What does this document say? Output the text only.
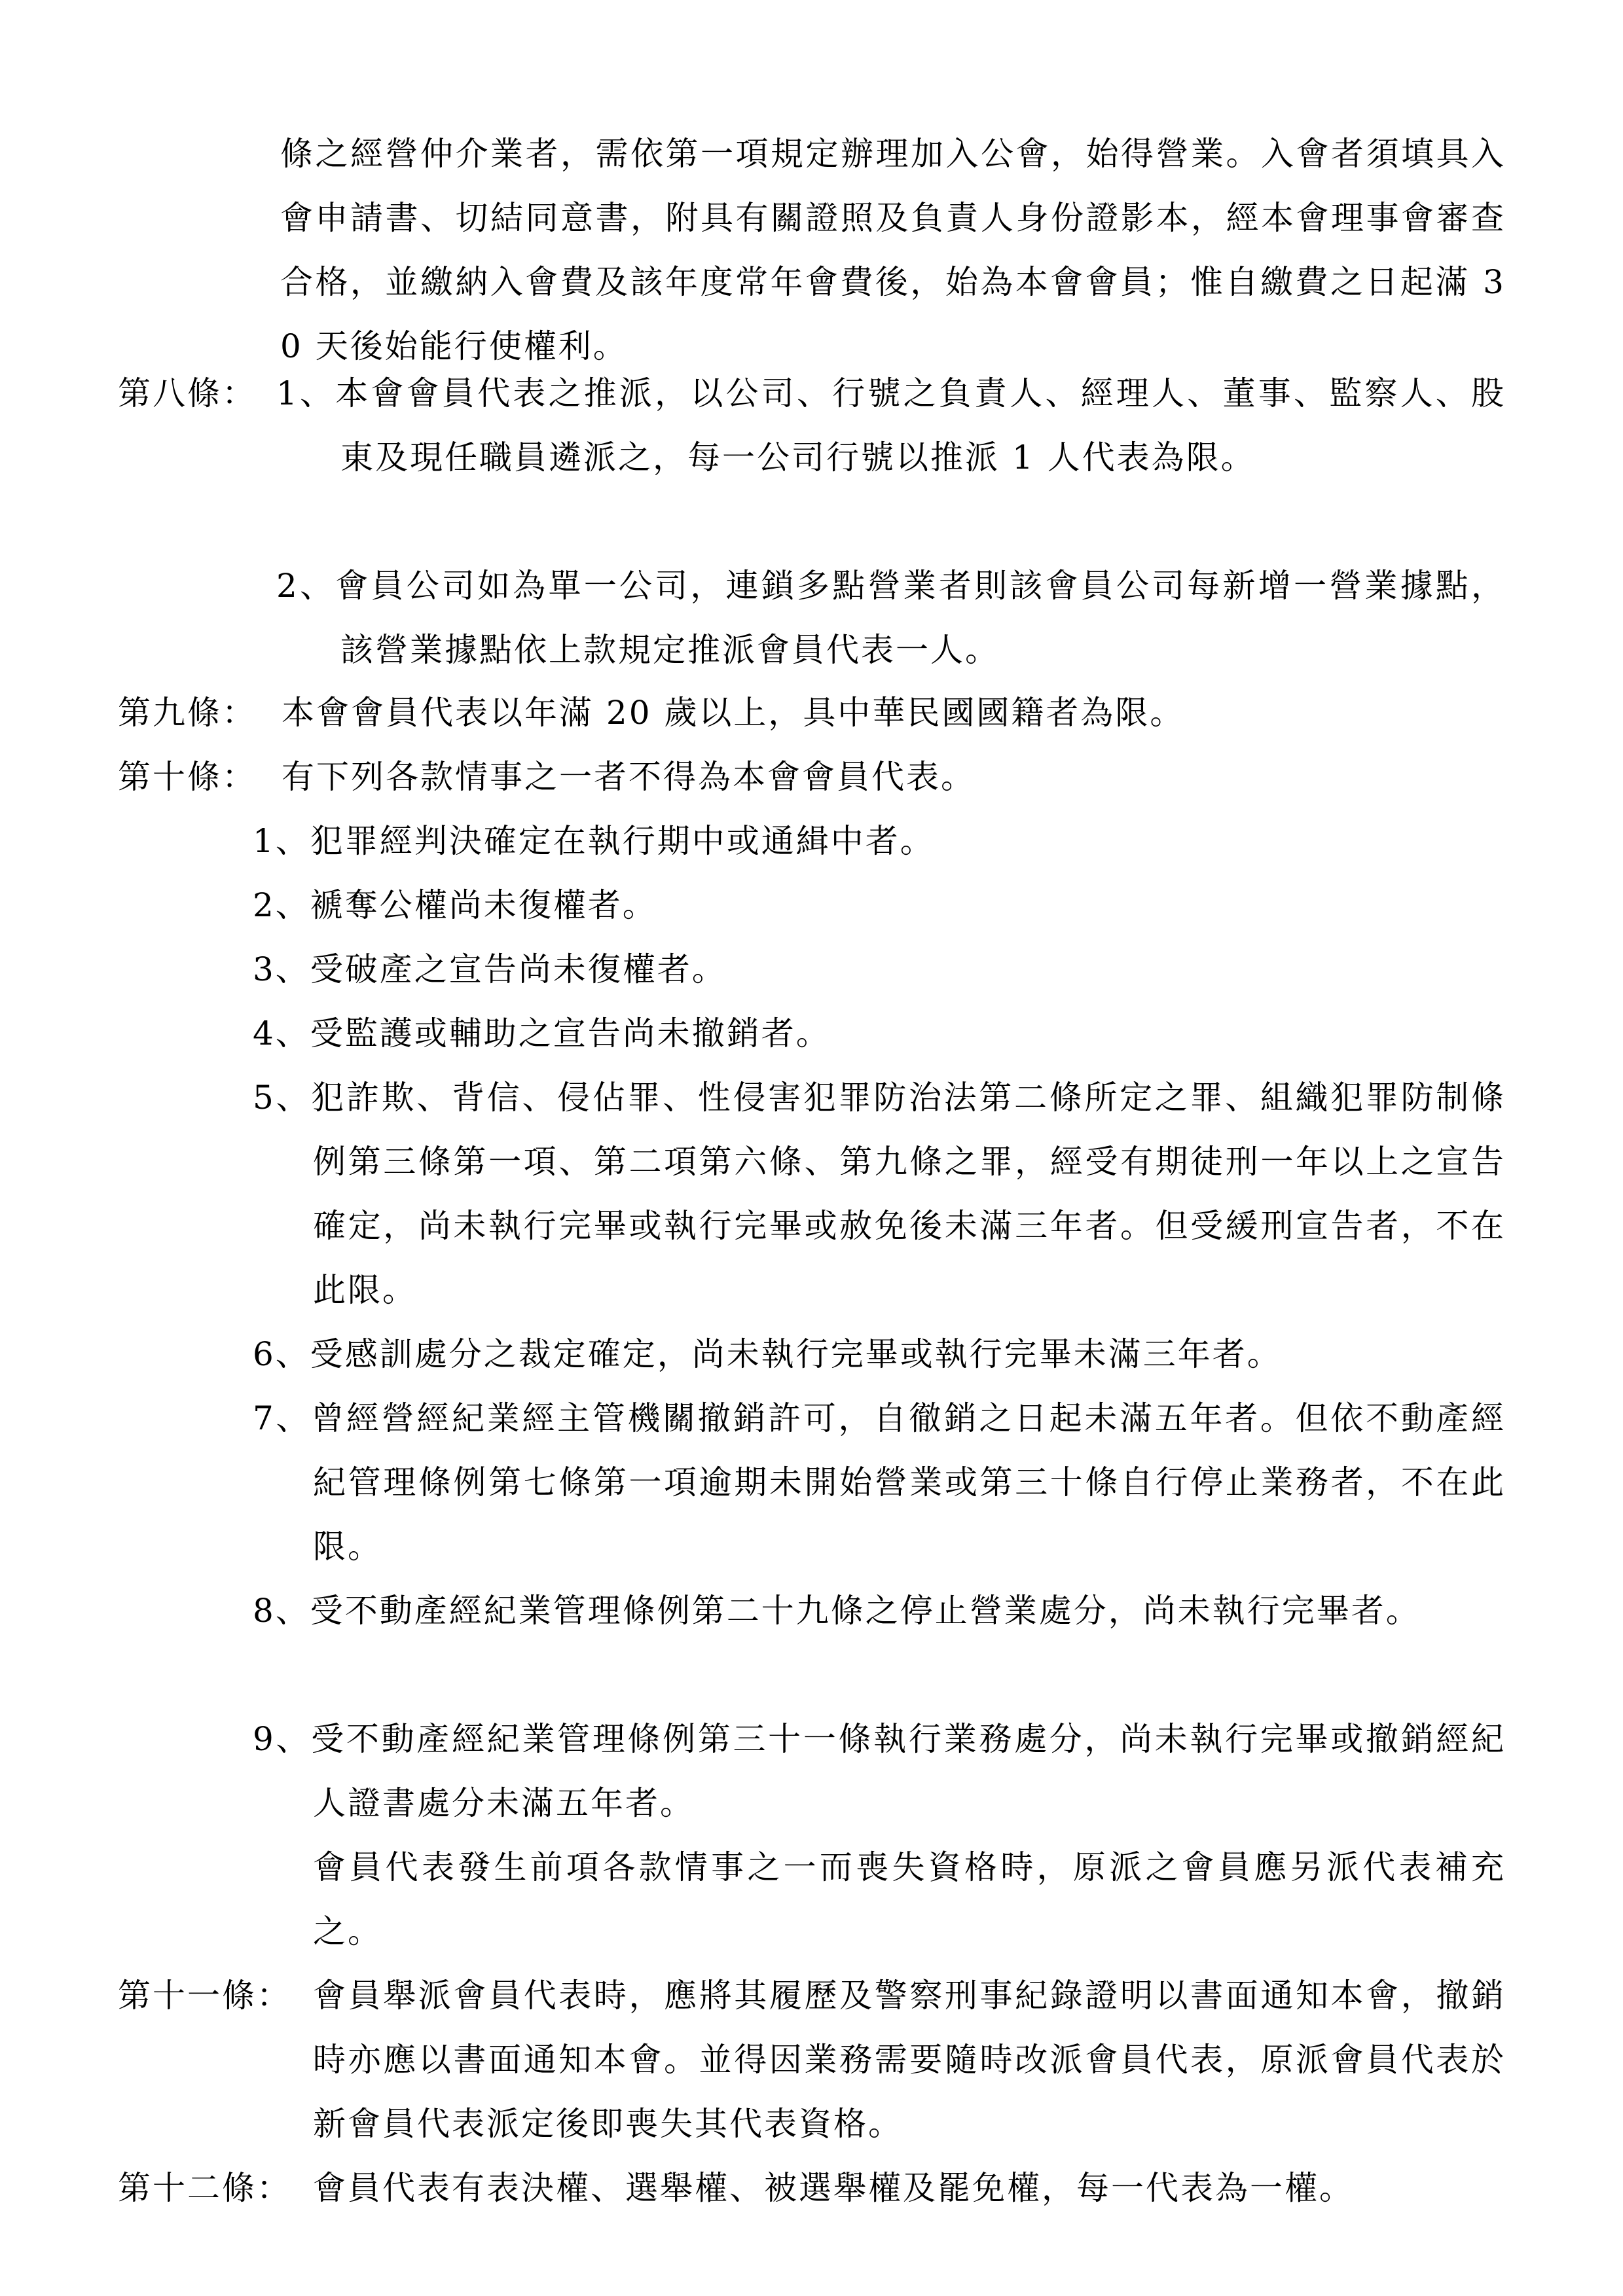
條之經營仲介業者，需依第一項規定辦理加入公會，始得營業。入會者須填具入會申請書、切結同意書，附具有關證照及負責人身份證影本，經本會理事會審查合格，並繳納入會費及該年度常年會費後，始為本會會員；惟自繳費之日起滿 30 天後始能行使權利。
第八條： 1、本會會員代表之推派，以公司、行號之負責人、經理人、董事、監察人、股東及現任職員遴派之，每一公司行號以推派 1 人代表為限。
2、會員公司如為單一公司，連鎖多點營業者則該會員公司每新增一營業據點，該營業據點依上款規定推派會員代表一人。
第九條： 本會會員代表以年滿 20 歲以上，具中華民國國籍者為限。
第十條： 有下列各款情事之一者不得為本會會員代表。
1、犯罪經判決確定在執行期中或通緝中者。
2、褫奪公權尚未復權者。
3、受破產之宣告尚未復權者。
4、受監護或輔助之宣告尚未撤銷者。
5、犯詐欺、背信、侵佔罪、性侵害犯罪防治法第二條所定之罪、組織犯罪防制條例第三條第一項、第二項第六條、第九條之罪，經受有期徒刑一年以上之宣告確定，尚未執行完畢或執行完畢或赦免後未滿三年者。但受緩刑宣告者，不在此限。
6、受感訓處分之裁定確定，尚未執行完畢或執行完畢未滿三年者。
7、曾經營經紀業經主管機關撤銷許可，自徹銷之日起未滿五年者。但依不動產經紀管理條例第七條第一項逾期未開始營業或第三十條自行停止業務者，不在此限。
8、受不動產經紀業管理條例第二十九條之停止營業處分，尚未執行完畢者。
9、受不動產經紀業管理條例第三十一條執行業務處分，尚未執行完畢或撤銷經紀人證書處分未滿五年者。
會員代表發生前項各款情事之一而喪失資格時，原派之會員應另派代表補充之。
第十一條： 會員舉派會員代表時，應將其履歷及警察刑事紀錄證明以書面通知本會，撤銷時亦應以書面通知本會。並得因業務需要隨時改派會員代表，原派會員代表於新會員代表派定後即喪失其代表資格。
第十二條： 會員代表有表決權、選舉權、被選舉權及罷免權，每一代表為一權。
